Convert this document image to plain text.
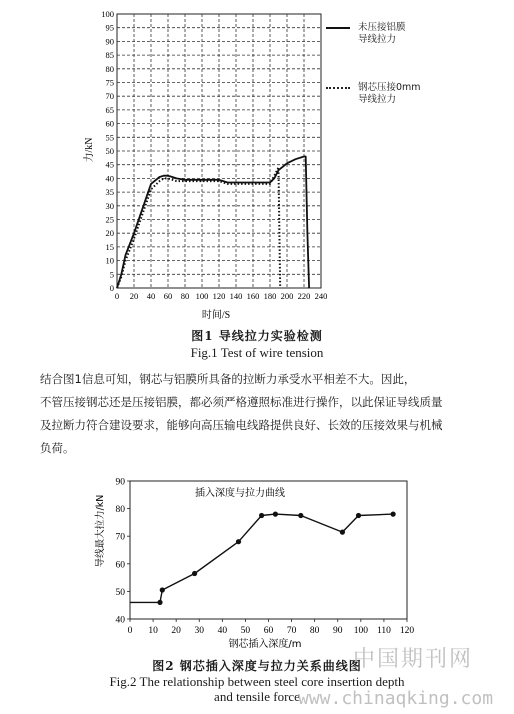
0 20 40 60 80 100 120 140 160 180 200 220 240
0
5
10
15
20
25
30
35
40
45
50
55
60
65
70
75
80
85
90
95
100
时间/S
力/kN
未压接铝膜
导线拉力
钢芯压接0mm
导线拉力
图1 导线拉力实验检测
Fig.1 Test of wire tension
结合图1信息可知，钢芯与铝膜所具备的拉断力承受水平相差不大。因此，
不管压接钢芯还是压接铝膜，都必须严格遵照标准进行操作，以此保证导线质量
及拉断力符合建设要求，能够向高压输电线路提供良好、长效的压接效果与机械
负荷。
0 10 20 30 40 50 60 70 80 90 100 110 120
40
50
60
70
80
90
插入深度与拉力曲线
钢芯插入深度/m
导线最大拉力/kN
图2 钢芯插入深度与拉力关系曲线图
Fig.2 The relationship between steel core insertion depth
and tensile force
中国期刊网
www.chinaqking.com
